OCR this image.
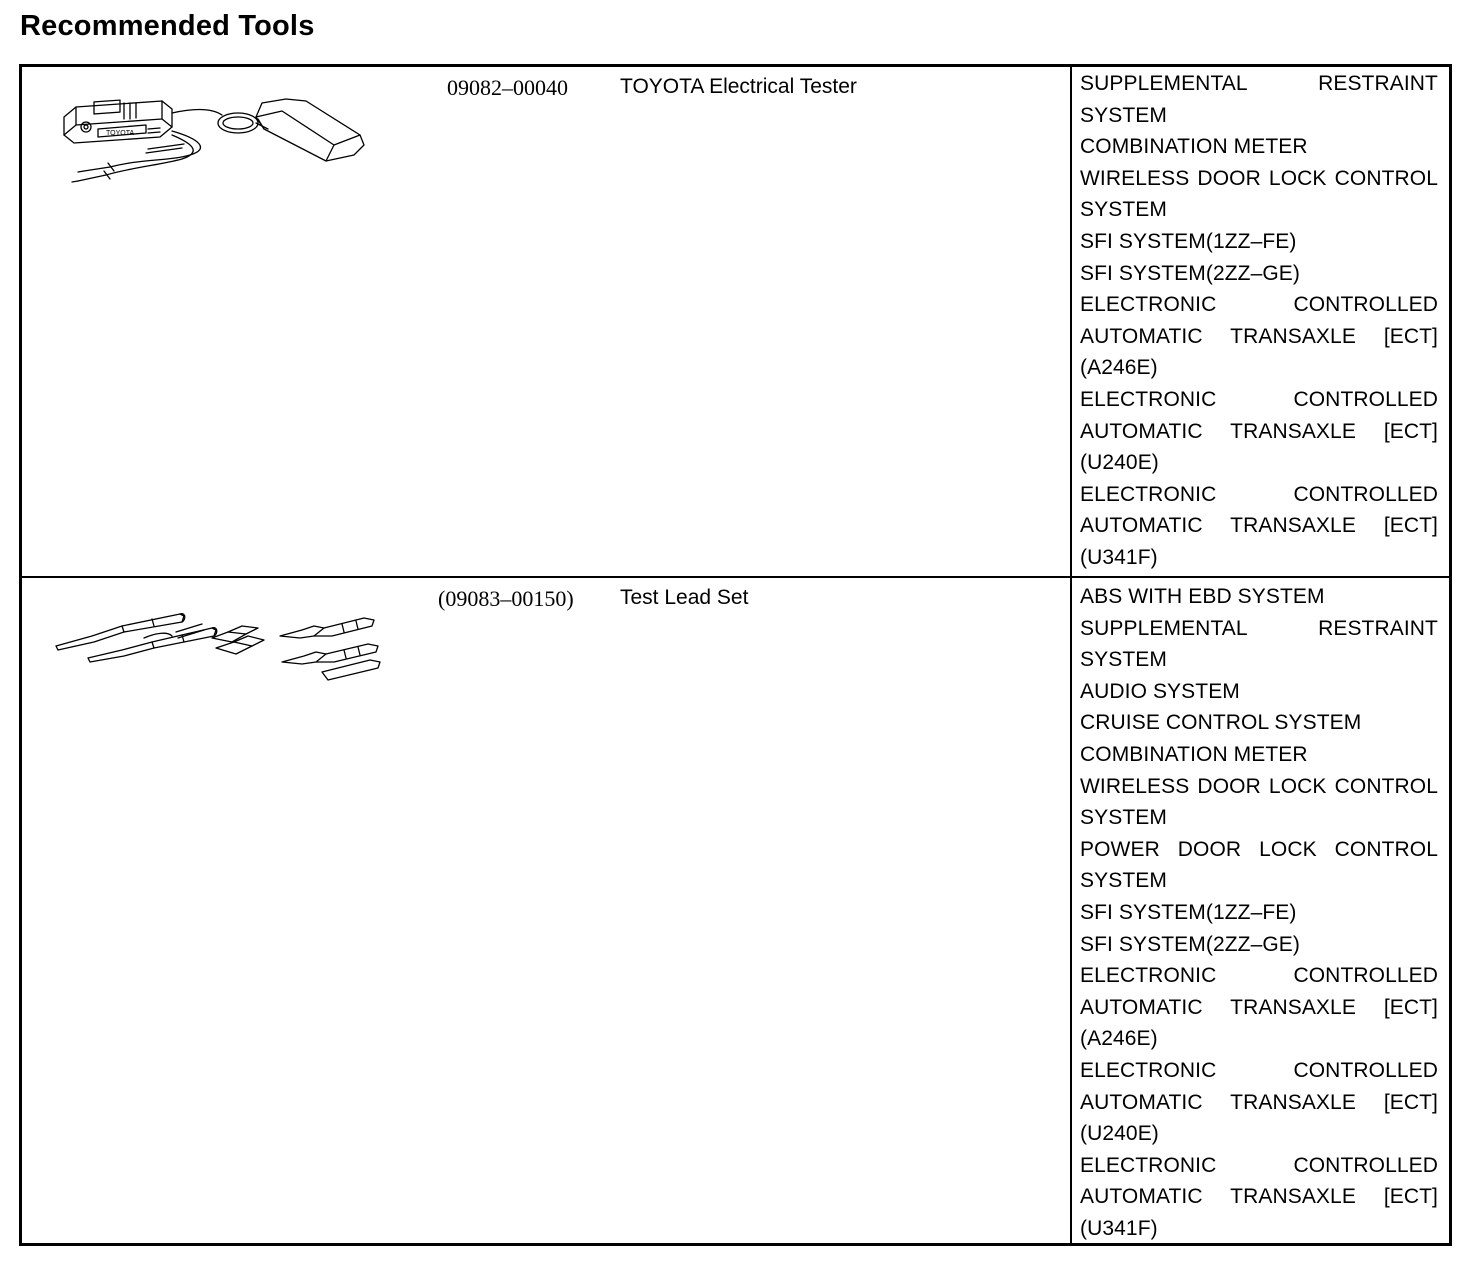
Recommended Tools
TOYOTA
09082–00040 TOYOTA Electrical Tester	SUPPLEMENTAL RESTRAINT SYSTEM
COMBINATION METER
WIRELESS DOOR LOCK CONTROL SYSTEM
SFI SYSTEM(1ZZ–FE)
SFI SYSTEM(2ZZ–GE)
ELECTRONIC CONTROLLED AUTOMATIC TRANSAXLE [ECT](A246E)
ELECTRONIC CONTROLLED AUTOMATIC TRANSAXLE [ECT](U240E)
ELECTRONIC CONTROLLED AUTOMATIC TRANSAXLE [ECT](U341F)
(09083–00150) Test Lead Set	ABS WITH EBD SYSTEM
SUPPLEMENTAL RESTRAINT SYSTEM
AUDIO SYSTEM
CRUISE CONTROL SYSTEM
COMBINATION METER
WIRELESS DOOR LOCK CONTROL SYSTEM
POWER DOOR LOCK CONTROL SYSTEM
SFI SYSTEM(1ZZ–FE)
SFI SYSTEM(2ZZ–GE)
ELECTRONIC CONTROLLED AUTOMATIC TRANSAXLE [ECT](A246E)
ELECTRONIC CONTROLLED AUTOMATIC TRANSAXLE [ECT](U240E)
ELECTRONIC CONTROLLED AUTOMATIC TRANSAXLE [ECT](U341F)
